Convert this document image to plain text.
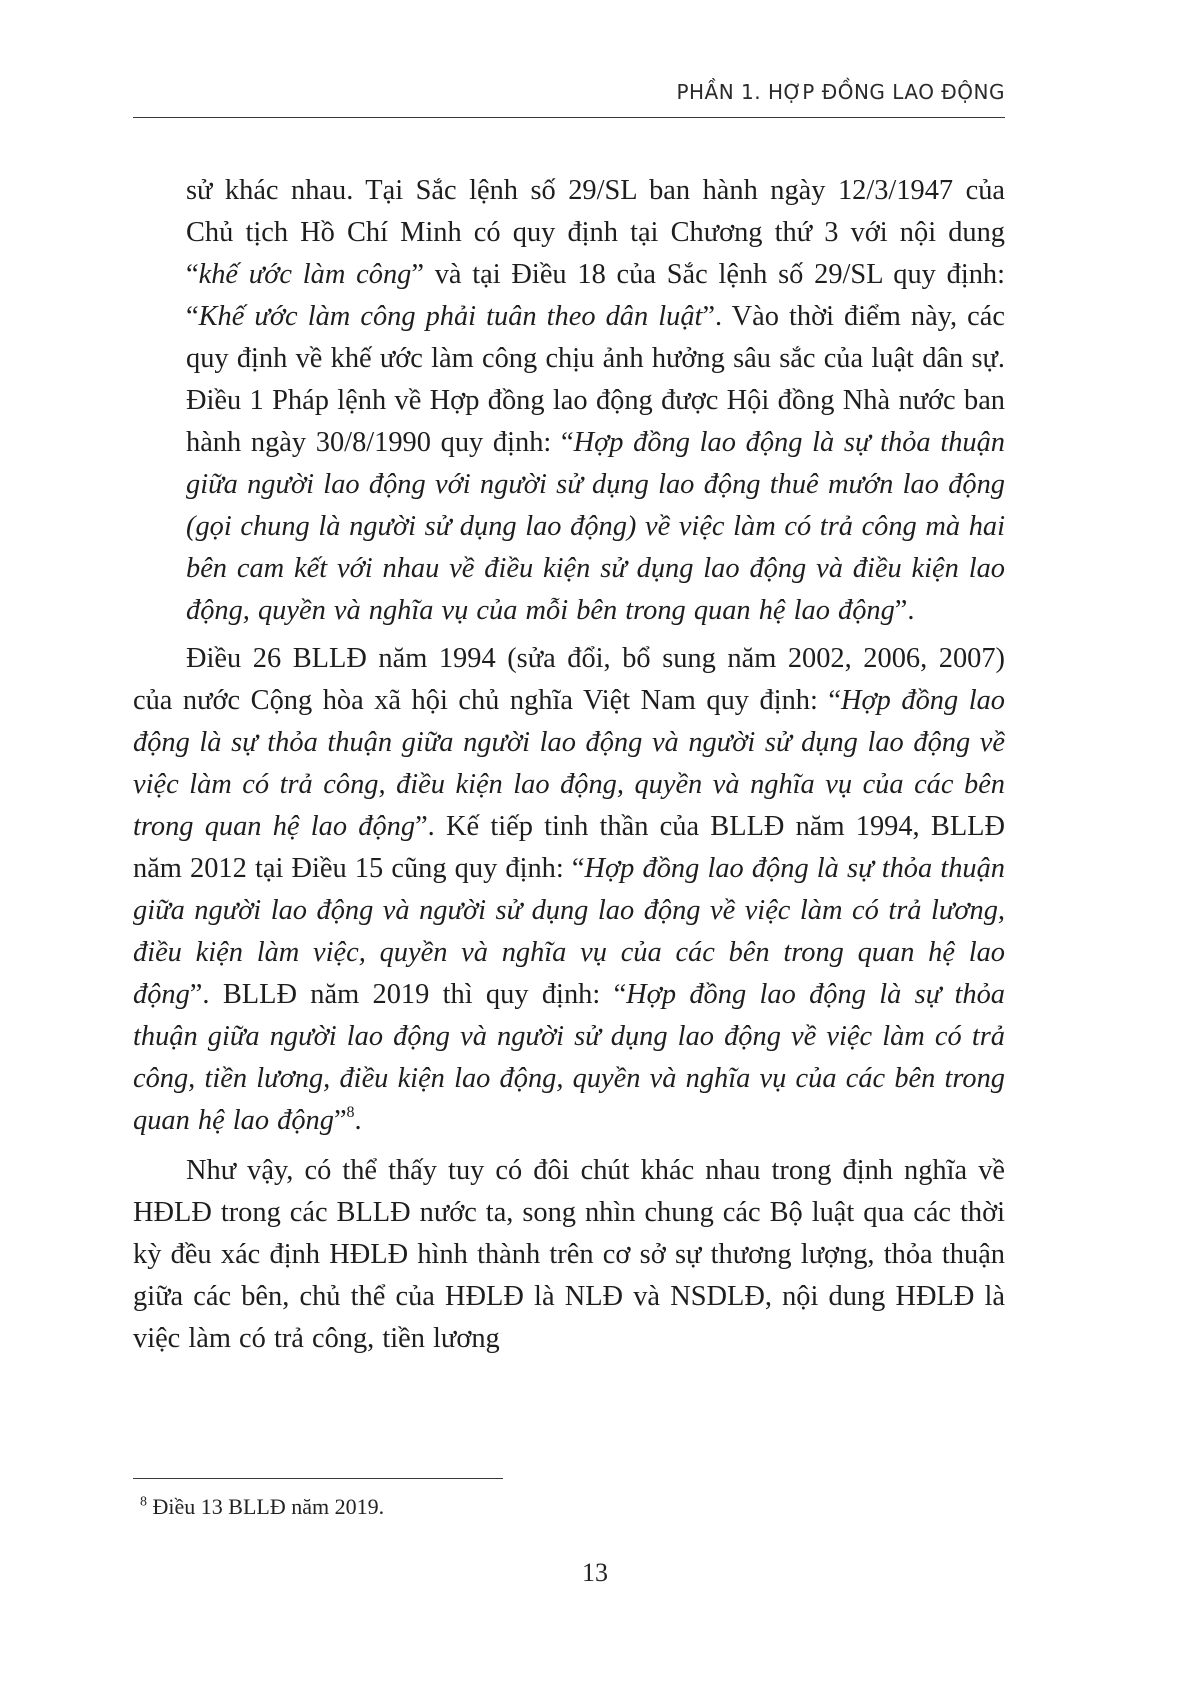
PHẦN 1. HỢP ĐỒNG LAO ĐỘNG

sử khác nhau. Tại Sắc lệnh số 29/SL ban hành ngày 12/3/1947 của Chủ tịch Hồ Chí Minh có quy định tại Chương thứ 3 với nội dung “khế ước làm công” và tại Điều 18 của Sắc lệnh số 29/SL quy định: “Khế ước làm công phải tuân theo dân luật”. Vào thời điểm này, các quy định về khế ước làm công chịu ảnh hưởng sâu sắc của luật dân sự. Điều 1 Pháp lệnh về Hợp đồng lao động được Hội đồng Nhà nước ban hành ngày 30/8/1990 quy định: “Hợp đồng lao động là sự thỏa thuận giữa người lao động với người sử dụng lao động thuê mướn lao động (gọi chung là người sử dụng lao động) về việc làm có trả công mà hai bên cam kết với nhau về điều kiện sử dụng lao động và điều kiện lao động, quyền và nghĩa vụ của mỗi bên trong quan hệ lao động”.

Điều 26 BLLĐ năm 1994 (sửa đổi, bổ sung năm 2002, 2006, 2007) của nước Cộng hòa xã hội chủ nghĩa Việt Nam quy định: “Hợp đồng lao động là sự thỏa thuận giữa người lao động và người sử dụng lao động về việc làm có trả công, điều kiện lao động, quyền và nghĩa vụ của các bên trong quan hệ lao động”. Kế tiếp tinh thần của BLLĐ năm 1994, BLLĐ năm 2012 tại Điều 15 cũng quy định: “Hợp đồng lao động là sự thỏa thuận giữa người lao động và người sử dụng lao động về việc làm có trả lương, điều kiện làm việc, quyền và nghĩa vụ của các bên trong quan hệ lao động”. BLLĐ năm 2019 thì quy định: “Hợp đồng lao động là sự thỏa thuận giữa người lao động và người sử dụng lao động về việc làm có trả công, tiền lương, điều kiện lao động, quyền và nghĩa vụ của các bên trong quan hệ lao động”$^8$.

Như vậy, có thể thấy tuy có đôi chút khác nhau trong định nghĩa về HĐLĐ trong các BLLĐ nước ta, song nhìn chung các Bộ luật qua các thời kỳ đều xác định HĐLĐ hình thành trên cơ sở sự thương lượng, thỏa thuận giữa các bên, chủ thể của HĐLĐ là NLĐ và NSDLĐ, nội dung HĐLĐ là việc làm có trả công, tiền lương

$^8$ Điều 13 BLLĐ năm 2019.
13
